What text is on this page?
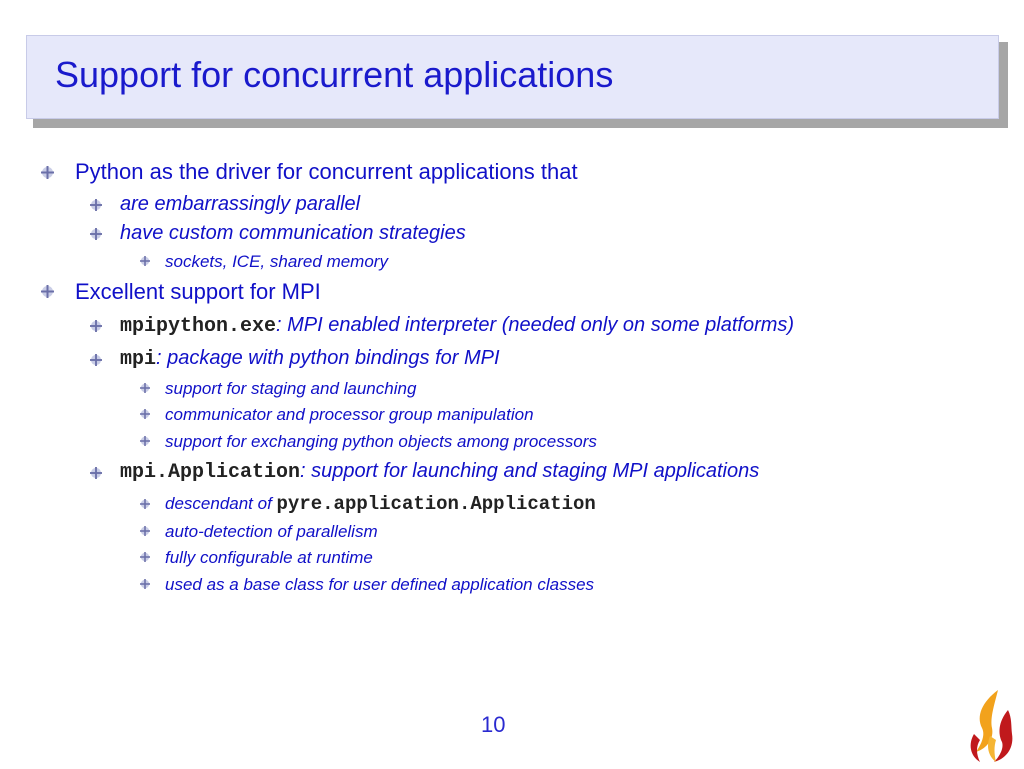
Support for concurrent applications
Python as the driver for concurrent applications that
are embarrassingly parallel
have custom communication strategies
sockets, ICE, shared memory
Excellent support for MPI
mpipython.exe: MPI enabled interpreter (needed only on some platforms)
mpi: package with python bindings for MPI
support for staging and launching
communicator and processor group manipulation
support for exchanging python objects among processors
mpi.Application: support for launching and staging MPI applications
descendant of pyre.application.Application
auto-detection of parallelism
fully configurable at runtime
used as a base class for user defined application classes
10
